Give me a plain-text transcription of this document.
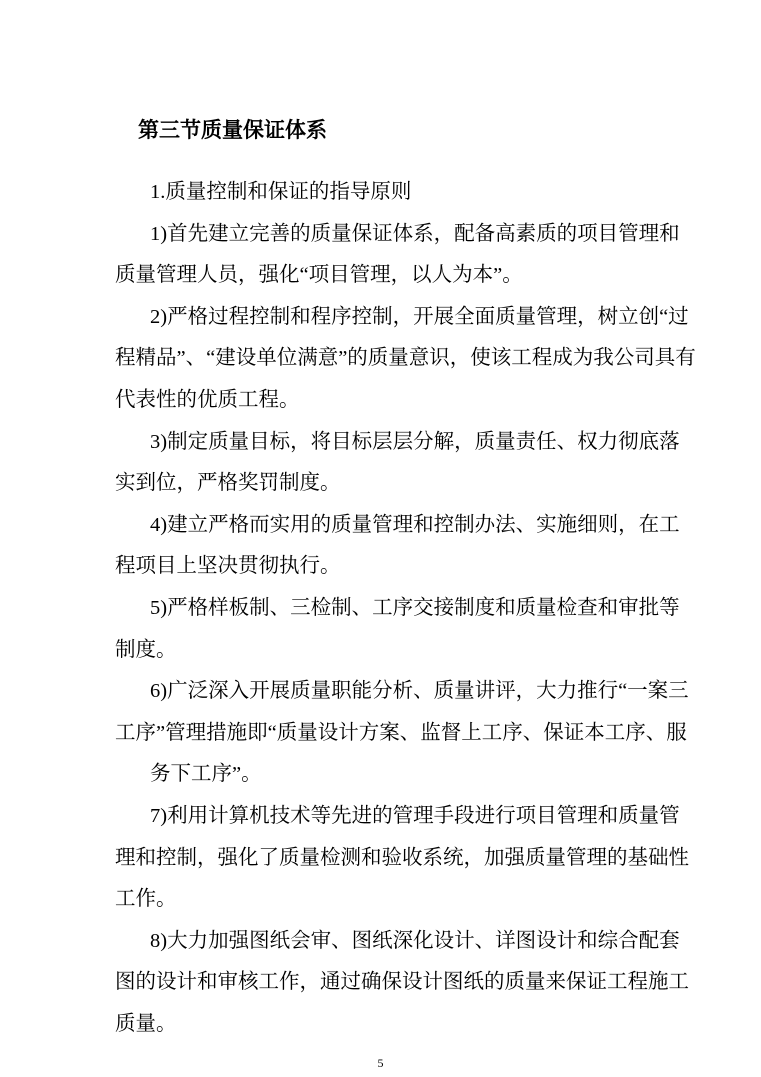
第三节质量保证体系
1.质量控制和保证的指导原则
1)首先建立完善的质量保证体系，配备高素质的项目管理和
质量管理人员，强化“项目管理，以人为本”。
2)严格过程控制和程序控制，开展全面质量管理，树立创“过
程精品”、“建设单位满意”的质量意识，使该工程成为我公司具有
代表性的优质工程。
3)制定质量目标，将目标层层分解，质量责任、权力彻底落
实到位，严格奖罚制度。
4)建立严格而实用的质量管理和控制办法、实施细则，在工
程项目上坚决贯彻执行。
5)严格样板制、三检制、工序交接制度和质量检查和审批等
制度。
6)广泛深入开展质量职能分析、质量讲评，大力推行“一案三
工序”管理措施即“质量设计方案、监督上工序、保证本工序、服
务下工序”。
7)利用计算机技术等先进的管理手段进行项目管理和质量管
理和控制，强化了质量检测和验收系统，加强质量管理的基础性
工作。
8)大力加强图纸会审、图纸深化设计、详图设计和综合配套
图的设计和审核工作，通过确保设计图纸的质量来保证工程施工
质量。
5
